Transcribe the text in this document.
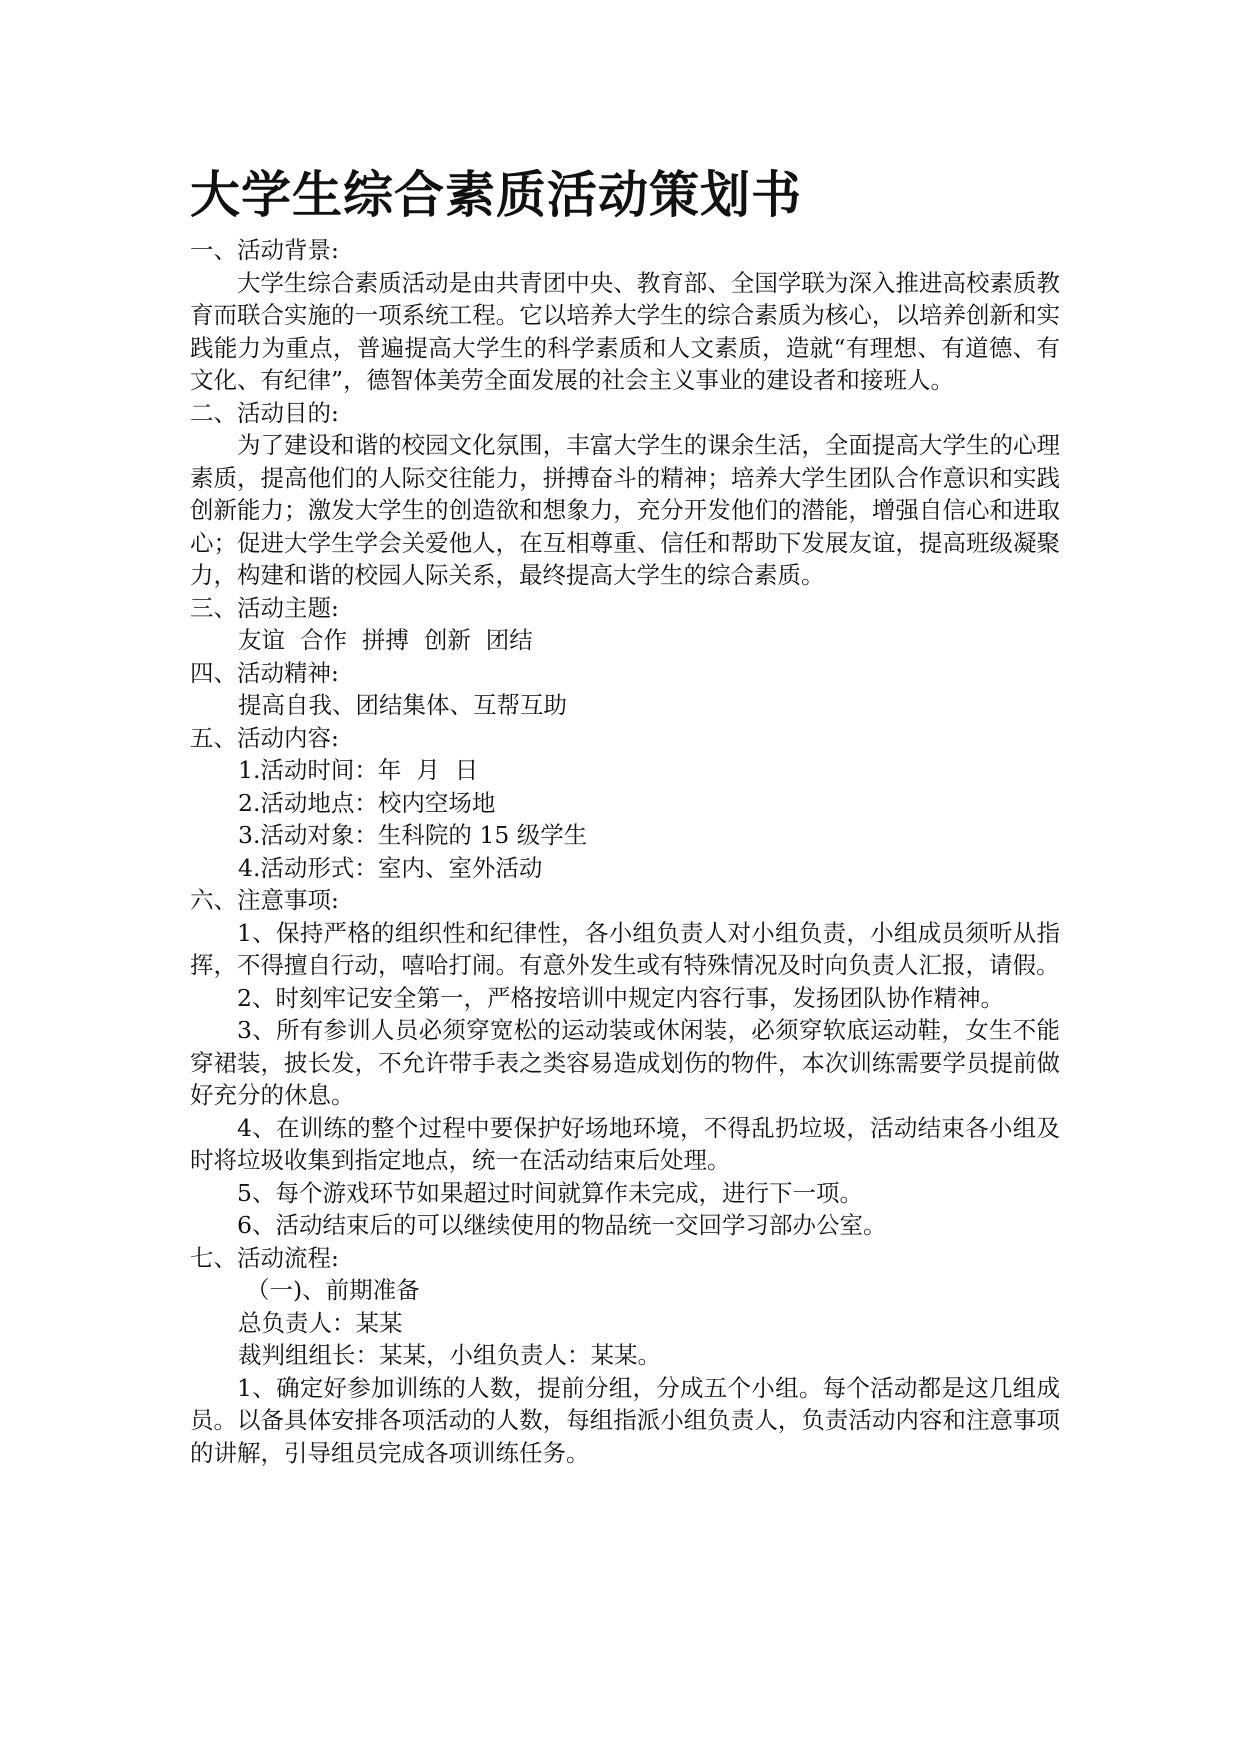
大学生综合素质活动策划书

一、活动背景:

大学生综合素质活动是由共青团中央、教育部、全国学联为深入推进高校素质教育而联合实施的一项系统工程。它以培养大学生的综合素质为核心，以培养创新和实践能力为重点，普遍提高大学生的科学素质和人文素质，造就“有理想、有道德、有文化、有纪律”，德智体美劳全面发展的社会主义事业的建设者和接班人。

二、活动目的:

为了建设和谐的校园文化氛围，丰富大学生的课余生活，全面提高大学生的心理素质，提高他们的人际交往能力，拼搏奋斗的精神；培养大学生团队合作意识和实践创新能力；激发大学生的创造欲和想象力，充分开发他们的潜能，增强自信心和进取心；促进大学生学会关爱他人，在互相尊重、信任和帮助下发展友谊，提高班级凝聚力，构建和谐的校园人际关系，最终提高大学生的综合素质。

三、活动主题:

友谊  合作  拼搏  创新  团结

四、活动精神:

提高自我、团结集体、互帮互助

五、活动内容:

1.活动时间：年  月  日

2.活动地点：校内空场地

3.活动对象：生科院的 15 级学生

4.活动形式：室内、室外活动

六、注意事项:

1、保持严格的组织性和纪律性，各小组负责人对小组负责，小组成员须听从指挥，不得擅自行动，嘻哈打闹。有意外发生或有特殊情况及时向负责人汇报，请假。

2、时刻牢记安全第一，严格按培训中规定内容行事，发扬团队协作精神。

3、所有参训人员必须穿宽松的运动装或休闲装，必须穿软底运动鞋，女生不能穿裙装，披长发，不允许带手表之类容易造成划伤的物件，本次训练需要学员提前做好充分的休息。

4、在训练的整个过程中要保护好场地环境，不得乱扔垃圾，活动结束各小组及时将垃圾收集到指定地点，统一在活动结束后处理。

5、每个游戏环节如果超过时间就算作未完成，进行下一项。

6、活动结束后的可以继续使用的物品统一交回学习部办公室。

七、活动流程:

（一)、前期准备

总负责人：某某

裁判组组长：某某，小组负责人：某某。

1、确定好参加训练的人数，提前分组，分成五个小组。每个活动都是这几组成员。以备具体安排各项活动的人数，每组指派小组负责人，负责活动内容和注意事项的讲解，引导组员完成各项训练任务。
